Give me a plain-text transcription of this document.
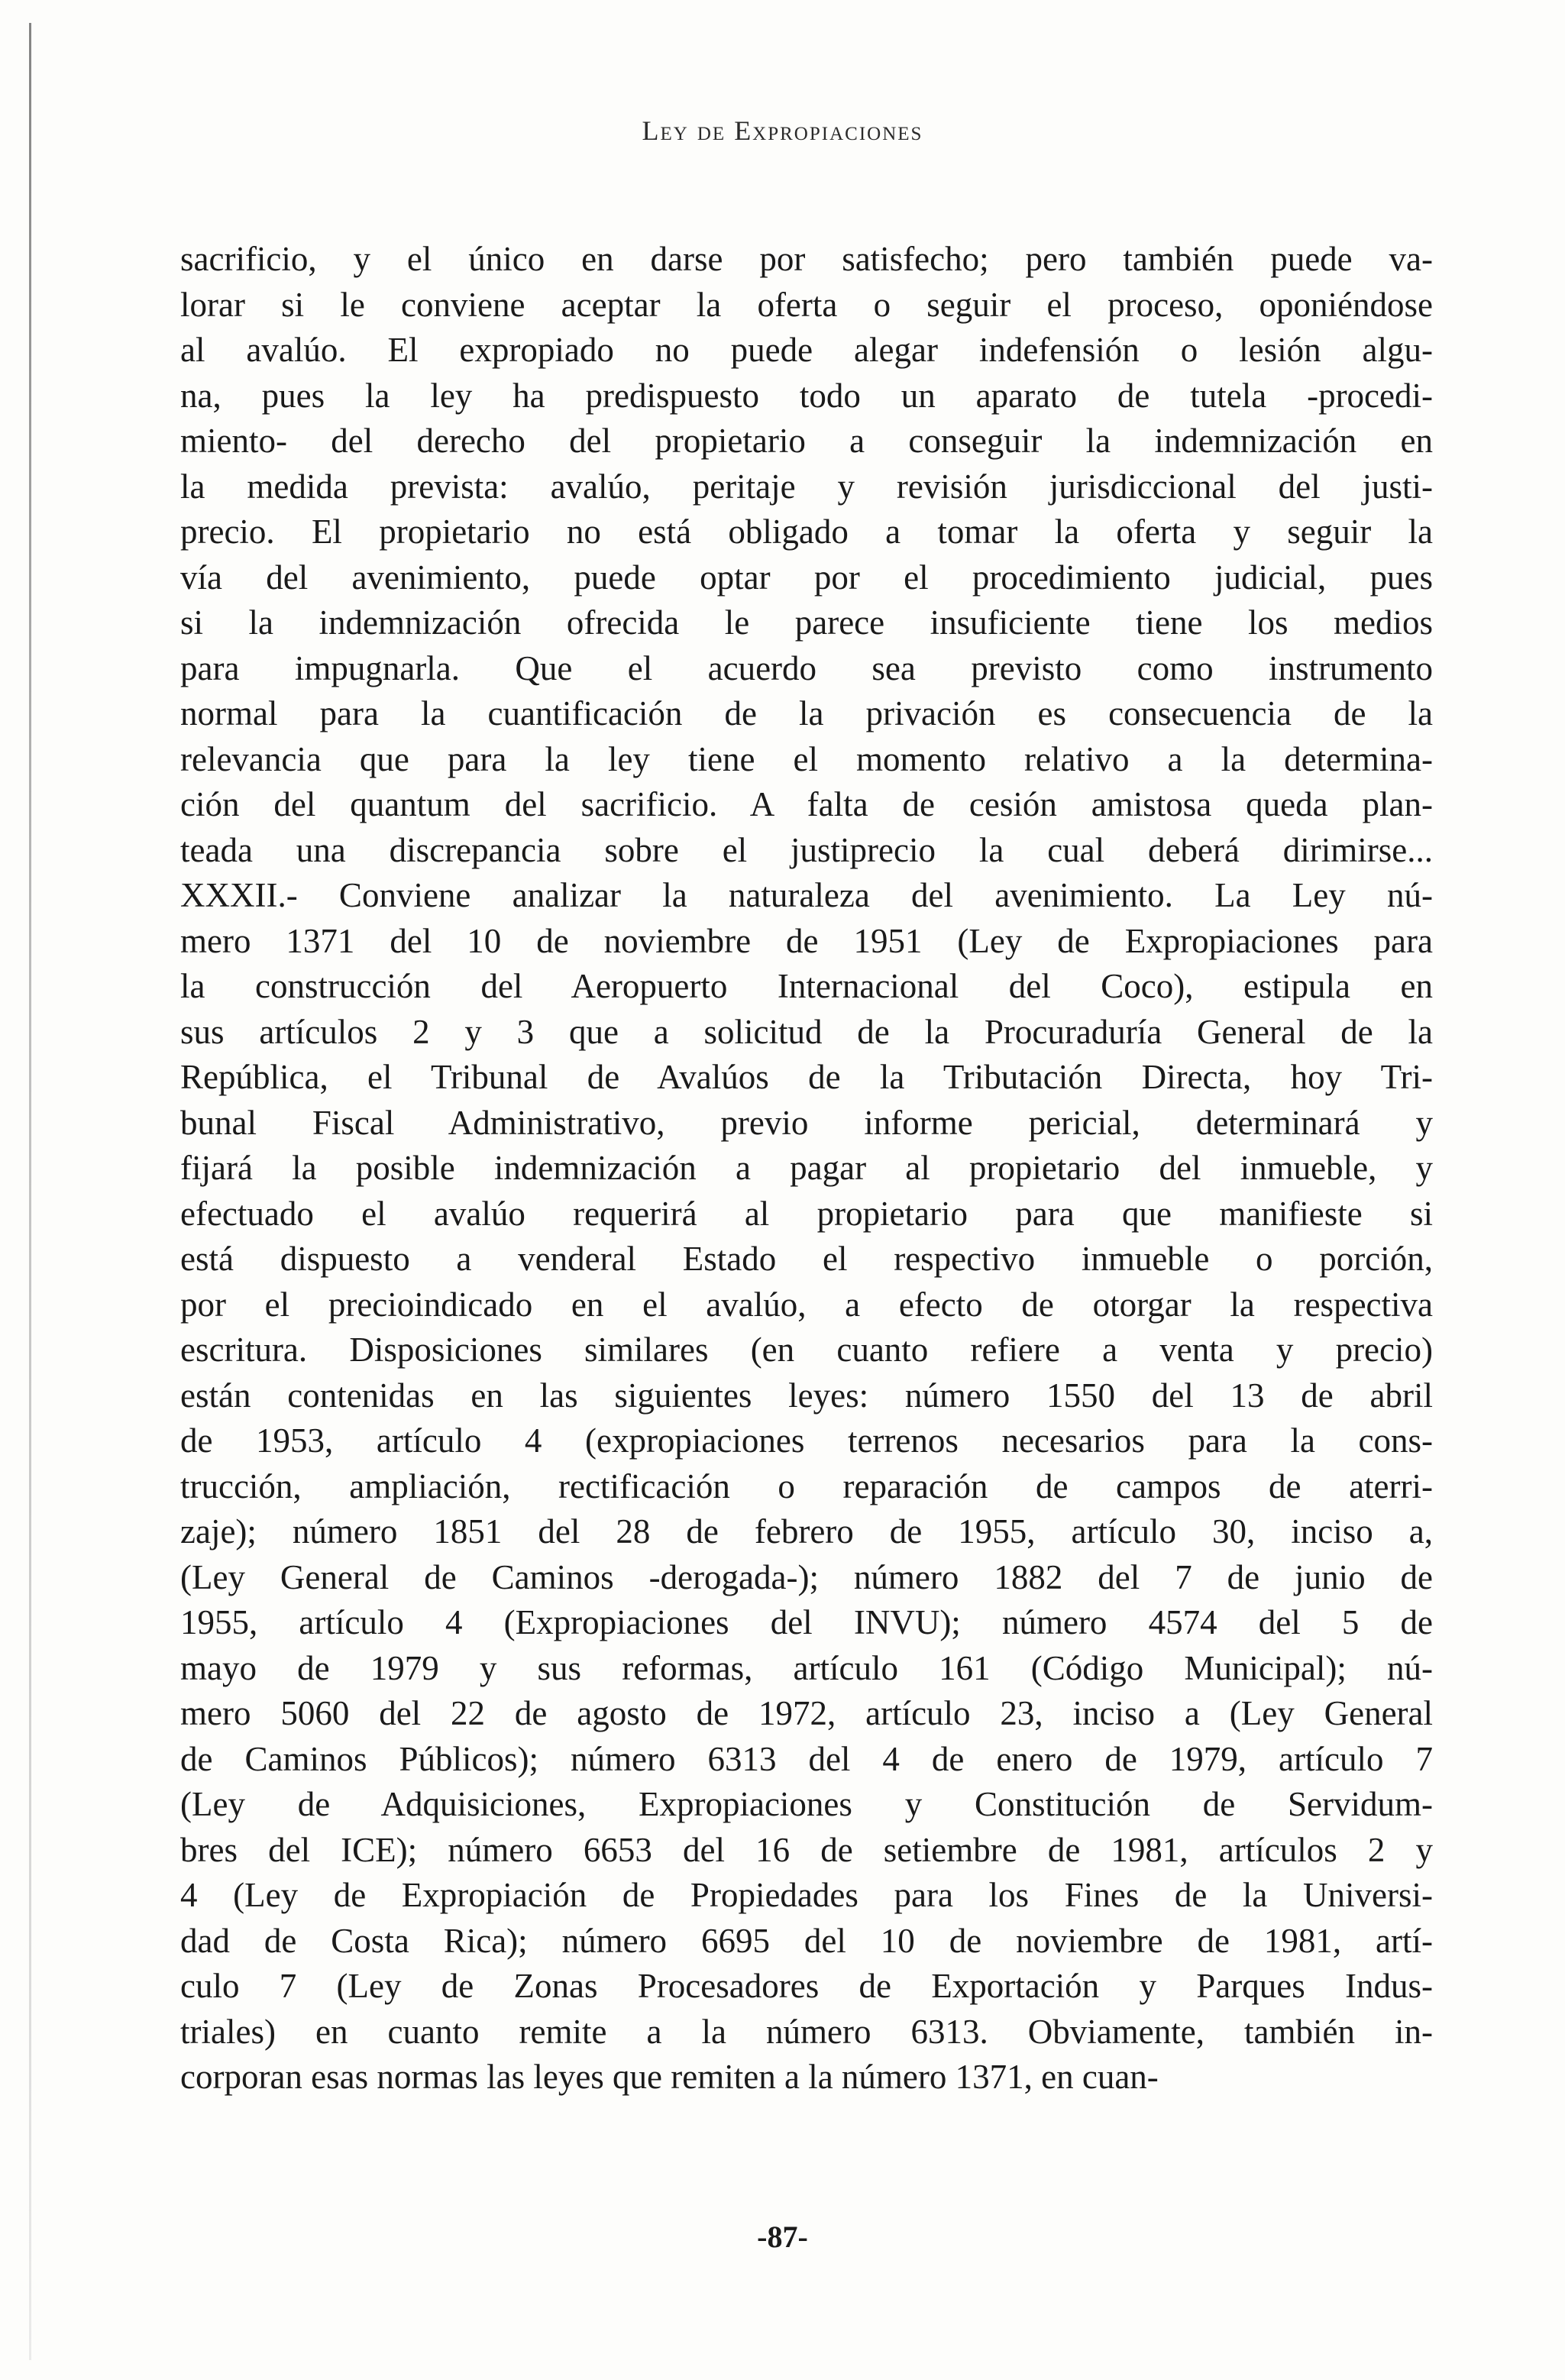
Ley de Expropiaciones
sacrificio, y el único en darse por satisfecho; pero también puede va-
lorar si le conviene aceptar la oferta o seguir el proceso, oponiéndose
al avalúo. El expropiado no puede alegar indefensión o lesión algu-
na, pues la ley ha predispuesto todo un aparato de tutela -procedi-
miento- del derecho del propietario a conseguir la indemnización en
la medida prevista: avalúo, peritaje y revisión jurisdiccional del justi-
precio. El propietario no está obligado a tomar la oferta y seguir la
vía del avenimiento, puede optar por el procedimiento judicial, pues
si la indemnización ofrecida le parece insuficiente tiene los medios
para impugnarla. Que el acuerdo sea previsto como instrumento
normal para la cuantificación de la privación es consecuencia de la
relevancia que para la ley tiene el momento relativo a la determina-
ción del quantum del sacrificio. A falta de cesión amistosa queda plan-
teada una discrepancia sobre el justiprecio la cual deberá dirimirse...
XXXII.- Conviene analizar la naturaleza del avenimiento. La Ley nú-
mero 1371 del 10 de noviembre de 1951 (Ley de Expropiaciones para
la construcción del Aeropuerto Internacional del Coco), estipula en
sus artículos 2 y 3 que a solicitud de la Procuraduría General de la
República, el Tribunal de Avalúos de la Tributación Directa, hoy Tri-
bunal Fiscal Administrativo, previo informe pericial, determinará y
fijará la posible indemnización a pagar al propietario del inmueble, y
efectuado el avalúo requerirá al propietario para que manifieste si
está dispuesto a venderal Estado el respectivo inmueble o porción,
por el precioindicado en el avalúo, a efecto de otorgar la respectiva
escritura. Disposiciones similares (en cuanto refiere a venta y precio)
están contenidas en las siguientes leyes: número 1550 del 13 de abril
de 1953, artículo 4 (expropiaciones terrenos necesarios para la cons-
trucción, ampliación, rectificación o reparación de campos de aterri-
zaje); número 1851 del 28 de febrero de 1955, artículo 30, inciso a,
(Ley General de Caminos -derogada-); número 1882 del 7 de junio de
1955, artículo 4 (Expropiaciones del INVU); número 4574 del 5 de
mayo de 1979 y sus reformas, artículo 161 (Código Municipal); nú-
mero 5060 del 22 de agosto de 1972, artículo 23, inciso a (Ley General
de Caminos Públicos); número 6313 del 4 de enero de 1979, artículo 7
(Ley de Adquisiciones, Expropiaciones y Constitución de Servidum-
bres del ICE); número 6653 del 16 de setiembre de 1981, artículos 2 y
4 (Ley de Expropiación de Propiedades para los Fines de la Universi-
dad de Costa Rica); número 6695 del 10 de noviembre de 1981, artí-
culo 7 (Ley de Zonas Procesadores de Exportación y Parques Indus-
triales) en cuanto remite a la número 6313. Obviamente, también in-
corporan esas normas las leyes que remiten a la número 1371, en cuan-
-87-
